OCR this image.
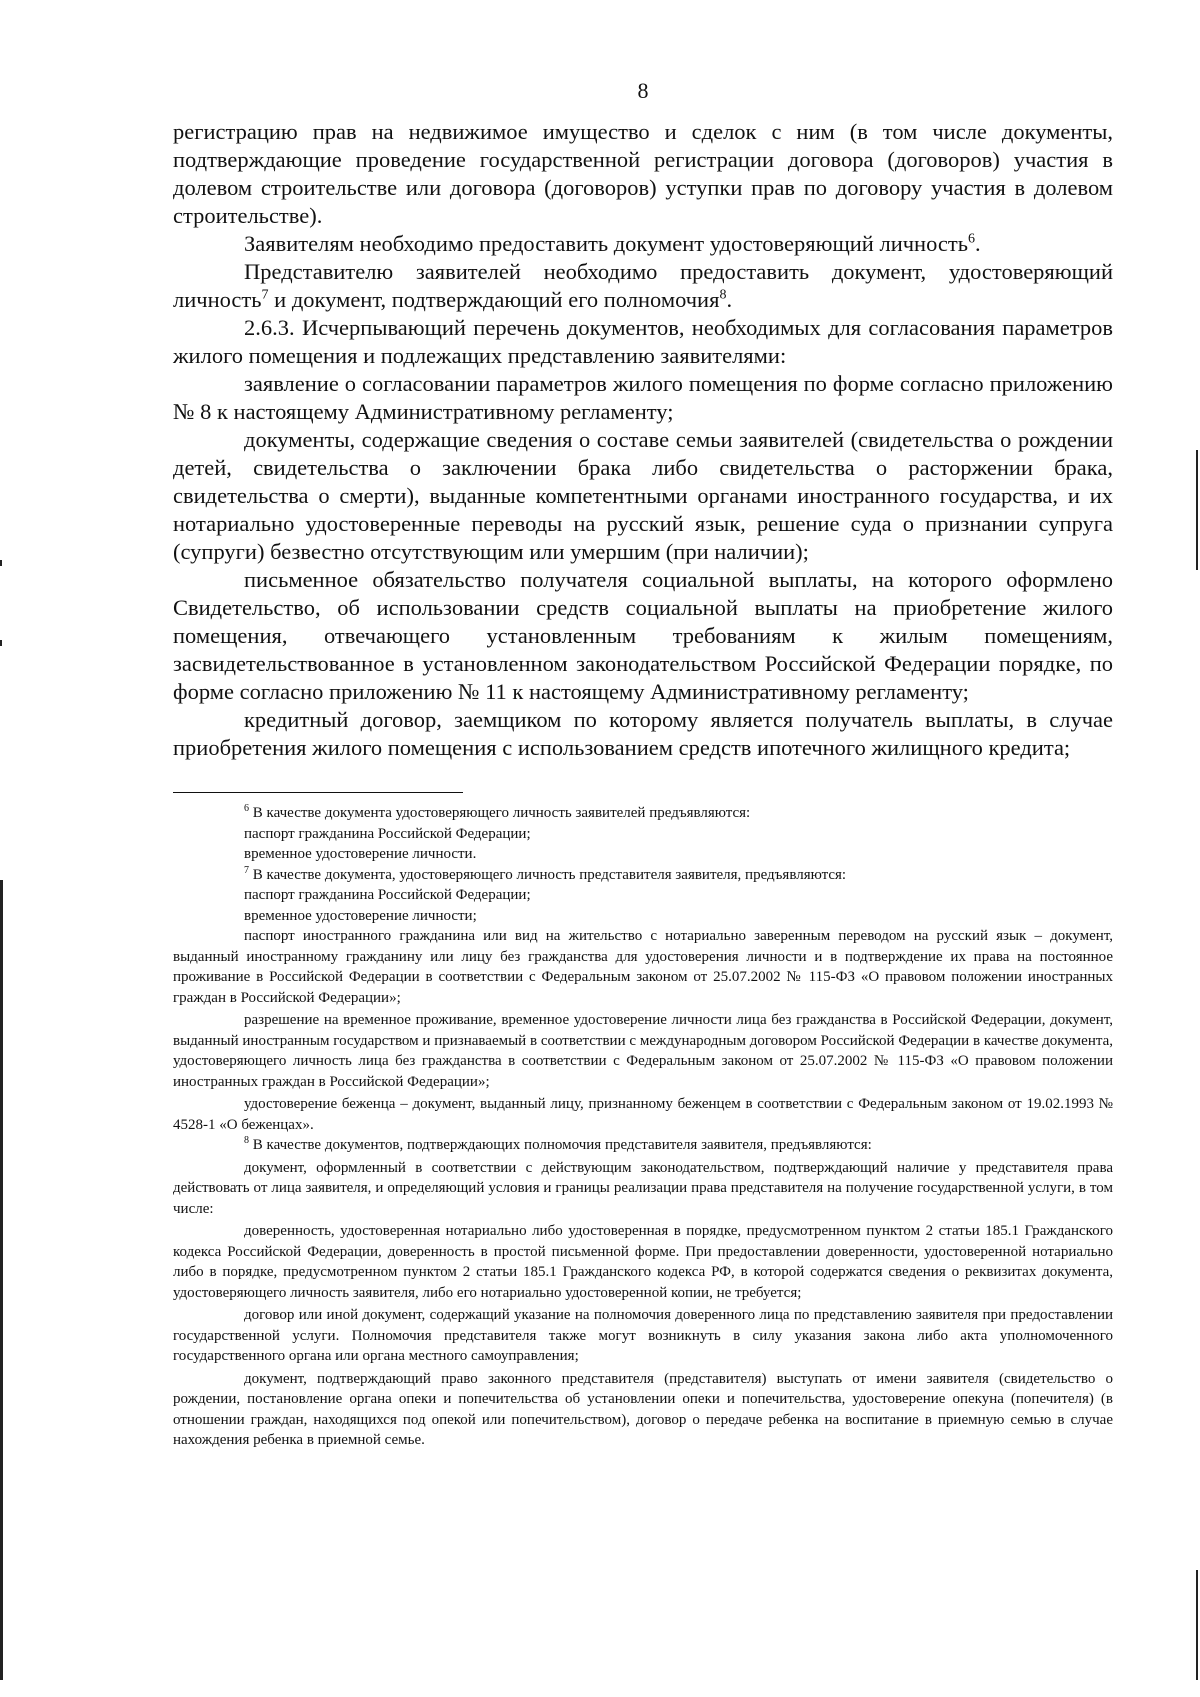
8

регистрацию прав на недвижимое имущество и сделок с ним (в том числе документы, подтверждающие проведение государственной регистрации договора (договоров) участия в долевом строительстве или договора (договоров) уступки прав по договору участия в долевом строительстве).

Заявителям необходимо предоставить документ удостоверяющий личность$^6$.

Представителю заявителей необходимо предоставить документ, удостоверяющий личность$^7$ и документ, подтверждающий его полномочия$^8$.

2.6.3. Исчерпывающий перечень документов, необходимых для согласования параметров жилого помещения и подлежащих представлению заявителями:

заявление о согласовании параметров жилого помещения по форме согласно приложению № 8 к настоящему Административному регламенту;

документы, содержащие сведения о составе семьи заявителей (свидетельства о рождении детей, свидетельства о заключении брака либо свидетельства о расторжении брака, свидетельства о смерти), выданные компетентными органами иностранного государства, и их нотариально удостоверенные переводы на русский язык, решение суда о признании супруга (супруги) безвестно отсутствующим или умершим (при наличии);

письменное обязательство получателя социальной выплаты, на которого оформлено Свидетельство, об использовании средств социальной выплаты на приобретение жилого помещения, отвечающего установленным требованиям к жилым помещениям, засвидетельствованное в установленном законодательством Российской Федерации порядке, по форме согласно приложению № 11 к настоящему Административному регламенту;

кредитный договор, заемщиком по которому является получатель выплаты, в случае приобретения жилого помещения с использованием средств ипотечного жилищного кредита;

$^6$ В качестве документа удостоверяющего личность заявителей предъявляются:

паспорт гражданина Российской Федерации;

временное удостоверение личности.

$^7$ В качестве документа, удостоверяющего личность представителя заявителя, предъявляются:

паспорт гражданина Российской Федерации;

временное удостоверение личности;

паспорт иностранного гражданина или вид на жительство с нотариально заверенным переводом на русский язык – документ, выданный иностранному гражданину или лицу без гражданства для удостоверения личности и в подтверждение их права на постоянное проживание в Российской Федерации в соответствии с Федеральным законом от 25.07.2002 № 115-ФЗ «О правовом положении иностранных граждан в Российской Федерации»;

разрешение на временное проживание, временное удостоверение личности лица без гражданства в Российской Федерации, документ, выданный иностранным государством и признаваемый в соответствии с международным договором Российской Федерации в качестве документа, удостоверяющего личность лица без гражданства в соответствии с Федеральным законом от 25.07.2002 № 115-ФЗ «О правовом положении иностранных граждан в Российской Федерации»;

удостоверение беженца – документ, выданный лицу, признанному беженцем в соответствии с Федеральным законом от 19.02.1993 № 4528-1 «О беженцах».

$^8$ В качестве документов, подтверждающих полномочия представителя заявителя, предъявляются:

документ, оформленный в соответствии с действующим законодательством, подтверждающий наличие у представителя права действовать от лица заявителя, и определяющий условия и границы реализации права представителя на получение государственной услуги, в том числе:

доверенность, удостоверенная нотариально либо удостоверенная в порядке, предусмотренном пунктом 2 статьи 185.1 Гражданского кодекса Российской Федерации, доверенность в простой письменной форме. При предоставлении доверенности, удостоверенной нотариально либо в порядке, предусмотренном пунктом 2 статьи 185.1 Гражданского кодекса РФ, в которой содержатся сведения о реквизитах документа, удостоверяющего личность заявителя, либо его нотариально удостоверенной копии, не требуется;

договор или иной документ, содержащий указание на полномочия доверенного лица по представлению заявителя при предоставлении государственной услуги. Полномочия представителя также могут возникнуть в силу указания закона либо акта уполномоченного государственного органа или органа местного самоуправления;

документ, подтверждающий право законного представителя (представителя) выступать от имени заявителя (свидетельство о рождении, постановление органа опеки и попечительства об установлении опеки и попечительства, удостоверение опекуна (попечителя) (в отношении граждан, находящихся под опекой или попечительством), договор о передаче ребенка на воспитание в приемную семью в случае нахождения ребенка в приемной семье.
